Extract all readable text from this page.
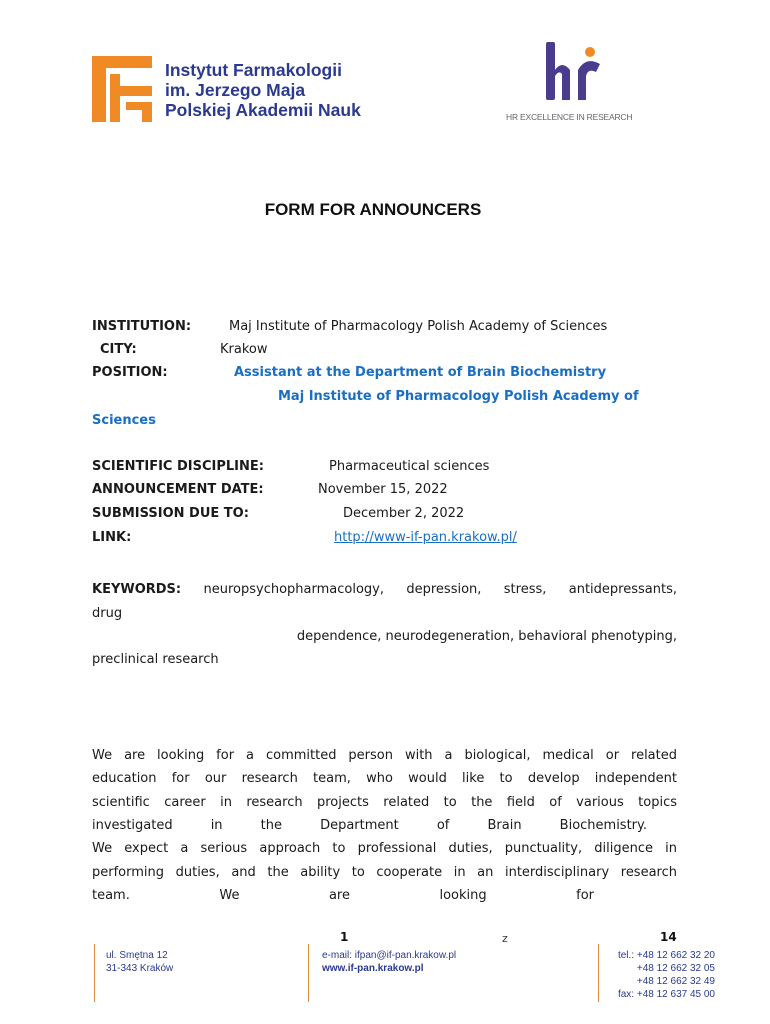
Instytut Farmakologii
im. Jerzego Maja
Polskiej Akademii Nauk	HR EXCELLENCE IN RESEARCH
FORM FOR ANNOUNCERS
INSTITUTION:	Maj Institute of Pharmacology Polish Academy of Sciences
CITY:	Krakow
POSITION:	Assistant at the Department of Brain Biochemistry
Maj Institute of Pharmacology Polish Academy of
Sciences
SCIENTIFIC DISCIPLINE:	Pharmaceutical sciences
ANNOUNCEMENT DATE:	November 15, 2022
SUBMISSION DUE TO:	December 2, 2022
LINK:	http://www-if-pan.krakow.pl/
KEYWORDS: neuropsychopharmacology, depression, stress, antidepressants,
drug
dependence, neurodegeneration, behavioral phenotyping,
preclinical research
We are looking for a committed person with a biological, medical or related
education for our research team, who would like to develop independent
scientific career in research projects related to the field of various topics
investigated in the Department of Brain Biochemistry.
We expect a serious approach to professional duties, punctuality, diligence in
performing duties, and the ability to cooperate in an interdisciplinary research
team. We are looking for
1	z	14
ul. Smętna 12
31-343 Kraków
e-mail: ifpan@if-pan.krakow.pl
www.if-pan.krakow.pl
tel.: +48 12 662 32 20
+48 12 662 32 05
+48 12 662 32 49
fax: +48 12 637 45 00
